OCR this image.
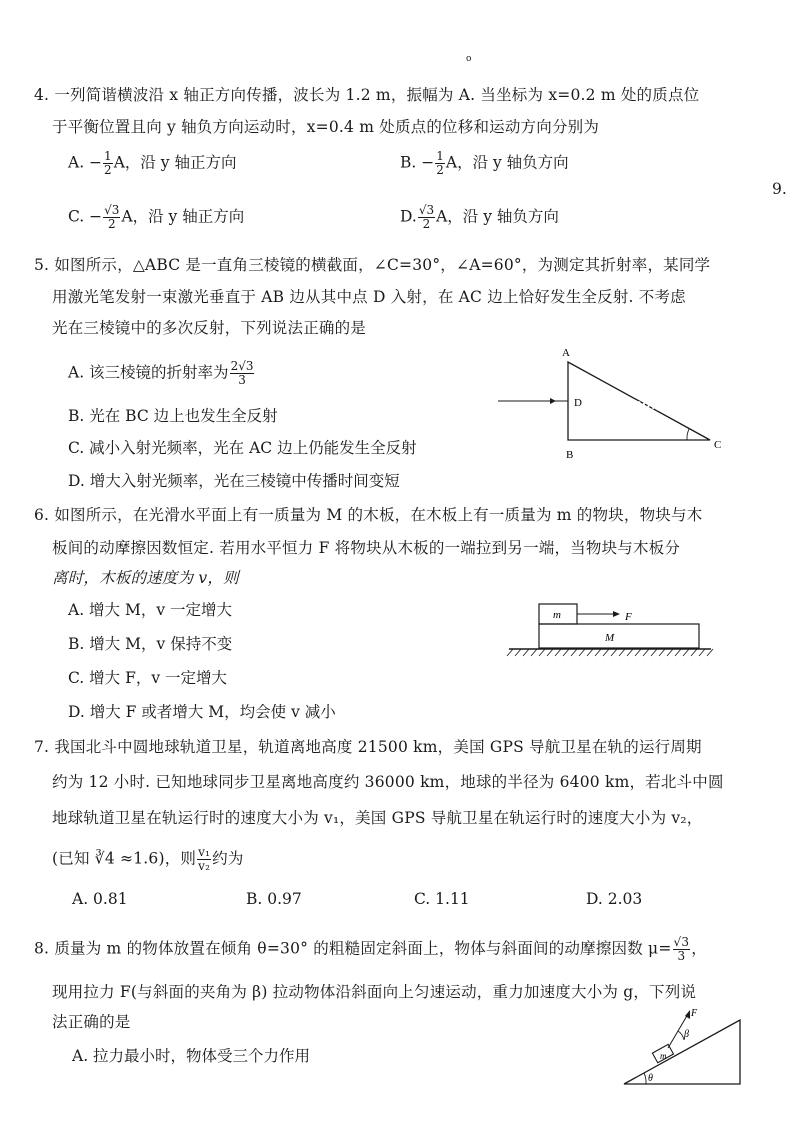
o
9.
4. 一列简谐横波沿 x 轴正方向传播，波长为 1.2 m，振幅为 A. 当坐标为 x=0.2 m 处的质点位
于平衡位置且向 y 轴负方向运动时，x=0.4 m 处质点的位移和运动方向分别为
A. − $\frac{1}{2}$ A，沿 y 轴正方向	B. − $\frac{1}{2}$ A，沿 y 轴负方向
C. − $\frac{√3}{2}$ A，沿 y 轴正方向	D. $\frac{√3}{2}$ A，沿 y 轴负方向
5. 如图所示，△ABC 是一直角三棱镜的横截面，∠C=30°，∠A=60°，为测定其折射率，某同学
用激光笔发射一束激光垂直于 AB 边从其中点 D 入射，在 AC 边上恰好发生全反射. 不考虑
光在三棱镜中的多次反射，下列说法正确的是
A. 该三棱镜的折射率为 $\frac{2√3}{3}$
B. 光在 BC 边上也发生全反射
C. 减小入射光频率，光在 AC 边上仍能发生全反射
D. 增大入射光频率，光在三棱镜中传播时间变短
A
B
C
D
6. 如图所示，在光滑水平面上有一质量为 M 的木板，在木板上有一质量为 m 的物块，物块与木
板间的动摩擦因数恒定. 若用水平恒力 F 将物块从木板的一端拉到另一端，当物块与木板分
离时，木板的速度为 v，则
A. 增大 M，v 一定增大
B. 增大 M，v 保持不变
C. 增大 F，v 一定增大
D. 增大 F 或者增大 M，均会使 v 减小
m	F
M
7. 我国北斗中圆地球轨道卫星，轨道离地高度 21500 km，美国 GPS 导航卫星在轨的运行周期
约为 12 小时. 已知地球同步卫星离地高度约 36000 km，地球的半径为 6400 km，若北斗中圆
地球轨道卫星在轨运行时的速度大小为 v₁，美国 GPS 导航卫星在轨运行时的速度大小为 v₂，
(已知 ∛4 ≈1.6)，则 $\frac{\text{v₁}}{\text{v₂}}$ 约为
A. 0.81	B. 0.97	C. 1.11	D. 2.03
8. 质量为 m 的物体放置在倾角 θ=30° 的粗糙固定斜面上，物体与斜面间的动摩擦因数 $\mu= \frac{√3}{3}$ ，
现用拉力 F(与斜面的夹角为 β) 拉动物体沿斜面向上匀速运动，重力加速度大小为 g，下列说
法正确的是
A. 拉力最小时，物体受三个力作用
F
β
m
θ
